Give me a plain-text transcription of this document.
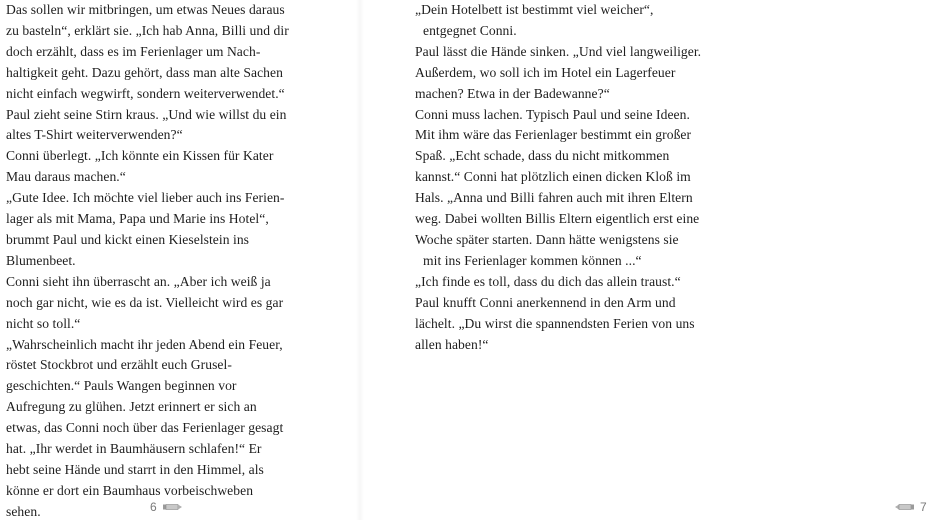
Das sollen wir mitbringen, um etwas Neues daraus
zu basteln“, erklärt sie. „Ich hab Anna, Billi und dir
doch erzählt, dass es im Ferienlager um Nach-
haltigkeit geht. Dazu gehört, dass man alte Sachen
nicht einfach wegwirft, sondern weiterverwendet.“
Paul zieht seine Stirn kraus. „Und wie willst du ein
altes T-Shirt weiterverwenden?“
Conni überlegt. „Ich könnte ein Kissen für Kater
Mau daraus machen.“
„Gute Idee. Ich möchte viel lieber auch ins Ferien-
lager als mit Mama, Papa und Marie ins Hotel“,
brummt Paul und kickt einen Kieselstein ins
Blumenbeet.
Conni sieht ihn überrascht an. „Aber ich weiß ja
noch gar nicht, wie es da ist. Vielleicht wird es gar
nicht so toll.“
„Wahrscheinlich macht ihr jeden Abend ein Feuer,
röstet Stockbrot und erzählt euch Grusel-
geschichten.“ Pauls Wangen beginnen vor
Aufregung zu glühen. Jetzt erinnert er sich an
etwas, das Conni noch über das Ferienlager gesagt
hat. „Ihr werdet in Baumhäusern schlafen!“ Er
hebt seine Hände und starrt in den Himmel, als
könne er dort ein Baumhaus vorbeischweben
sehen.	6
„Dein Hotelbett ist bestimmt viel weicher“,
entgegnet Conni.
Paul lässt die Hände sinken. „Und viel langweiliger.
Außerdem, wo soll ich im Hotel ein Lagerfeuer
machen? Etwa in der Badewanne?“
Conni muss lachen. Typisch Paul und seine Ideen.
Mit ihm wäre das Ferienlager bestimmt ein großer
Spaß. „Echt schade, dass du nicht mitkommen
kannst.“ Conni hat plötzlich einen dicken Kloß im
Hals. „Anna und Billi fahren auch mit ihren Eltern
weg. Dabei wollten Billis Eltern eigentlich erst eine
Woche später starten. Dann hätte wenigstens sie
mit ins Ferienlager kommen können ...“
„Ich finde es toll, dass du dich das allein traust.“
Paul knufft Conni anerkennend in den Arm und
lächelt. „Du wirst die spannendsten Ferien von uns
allen haben!“
7
